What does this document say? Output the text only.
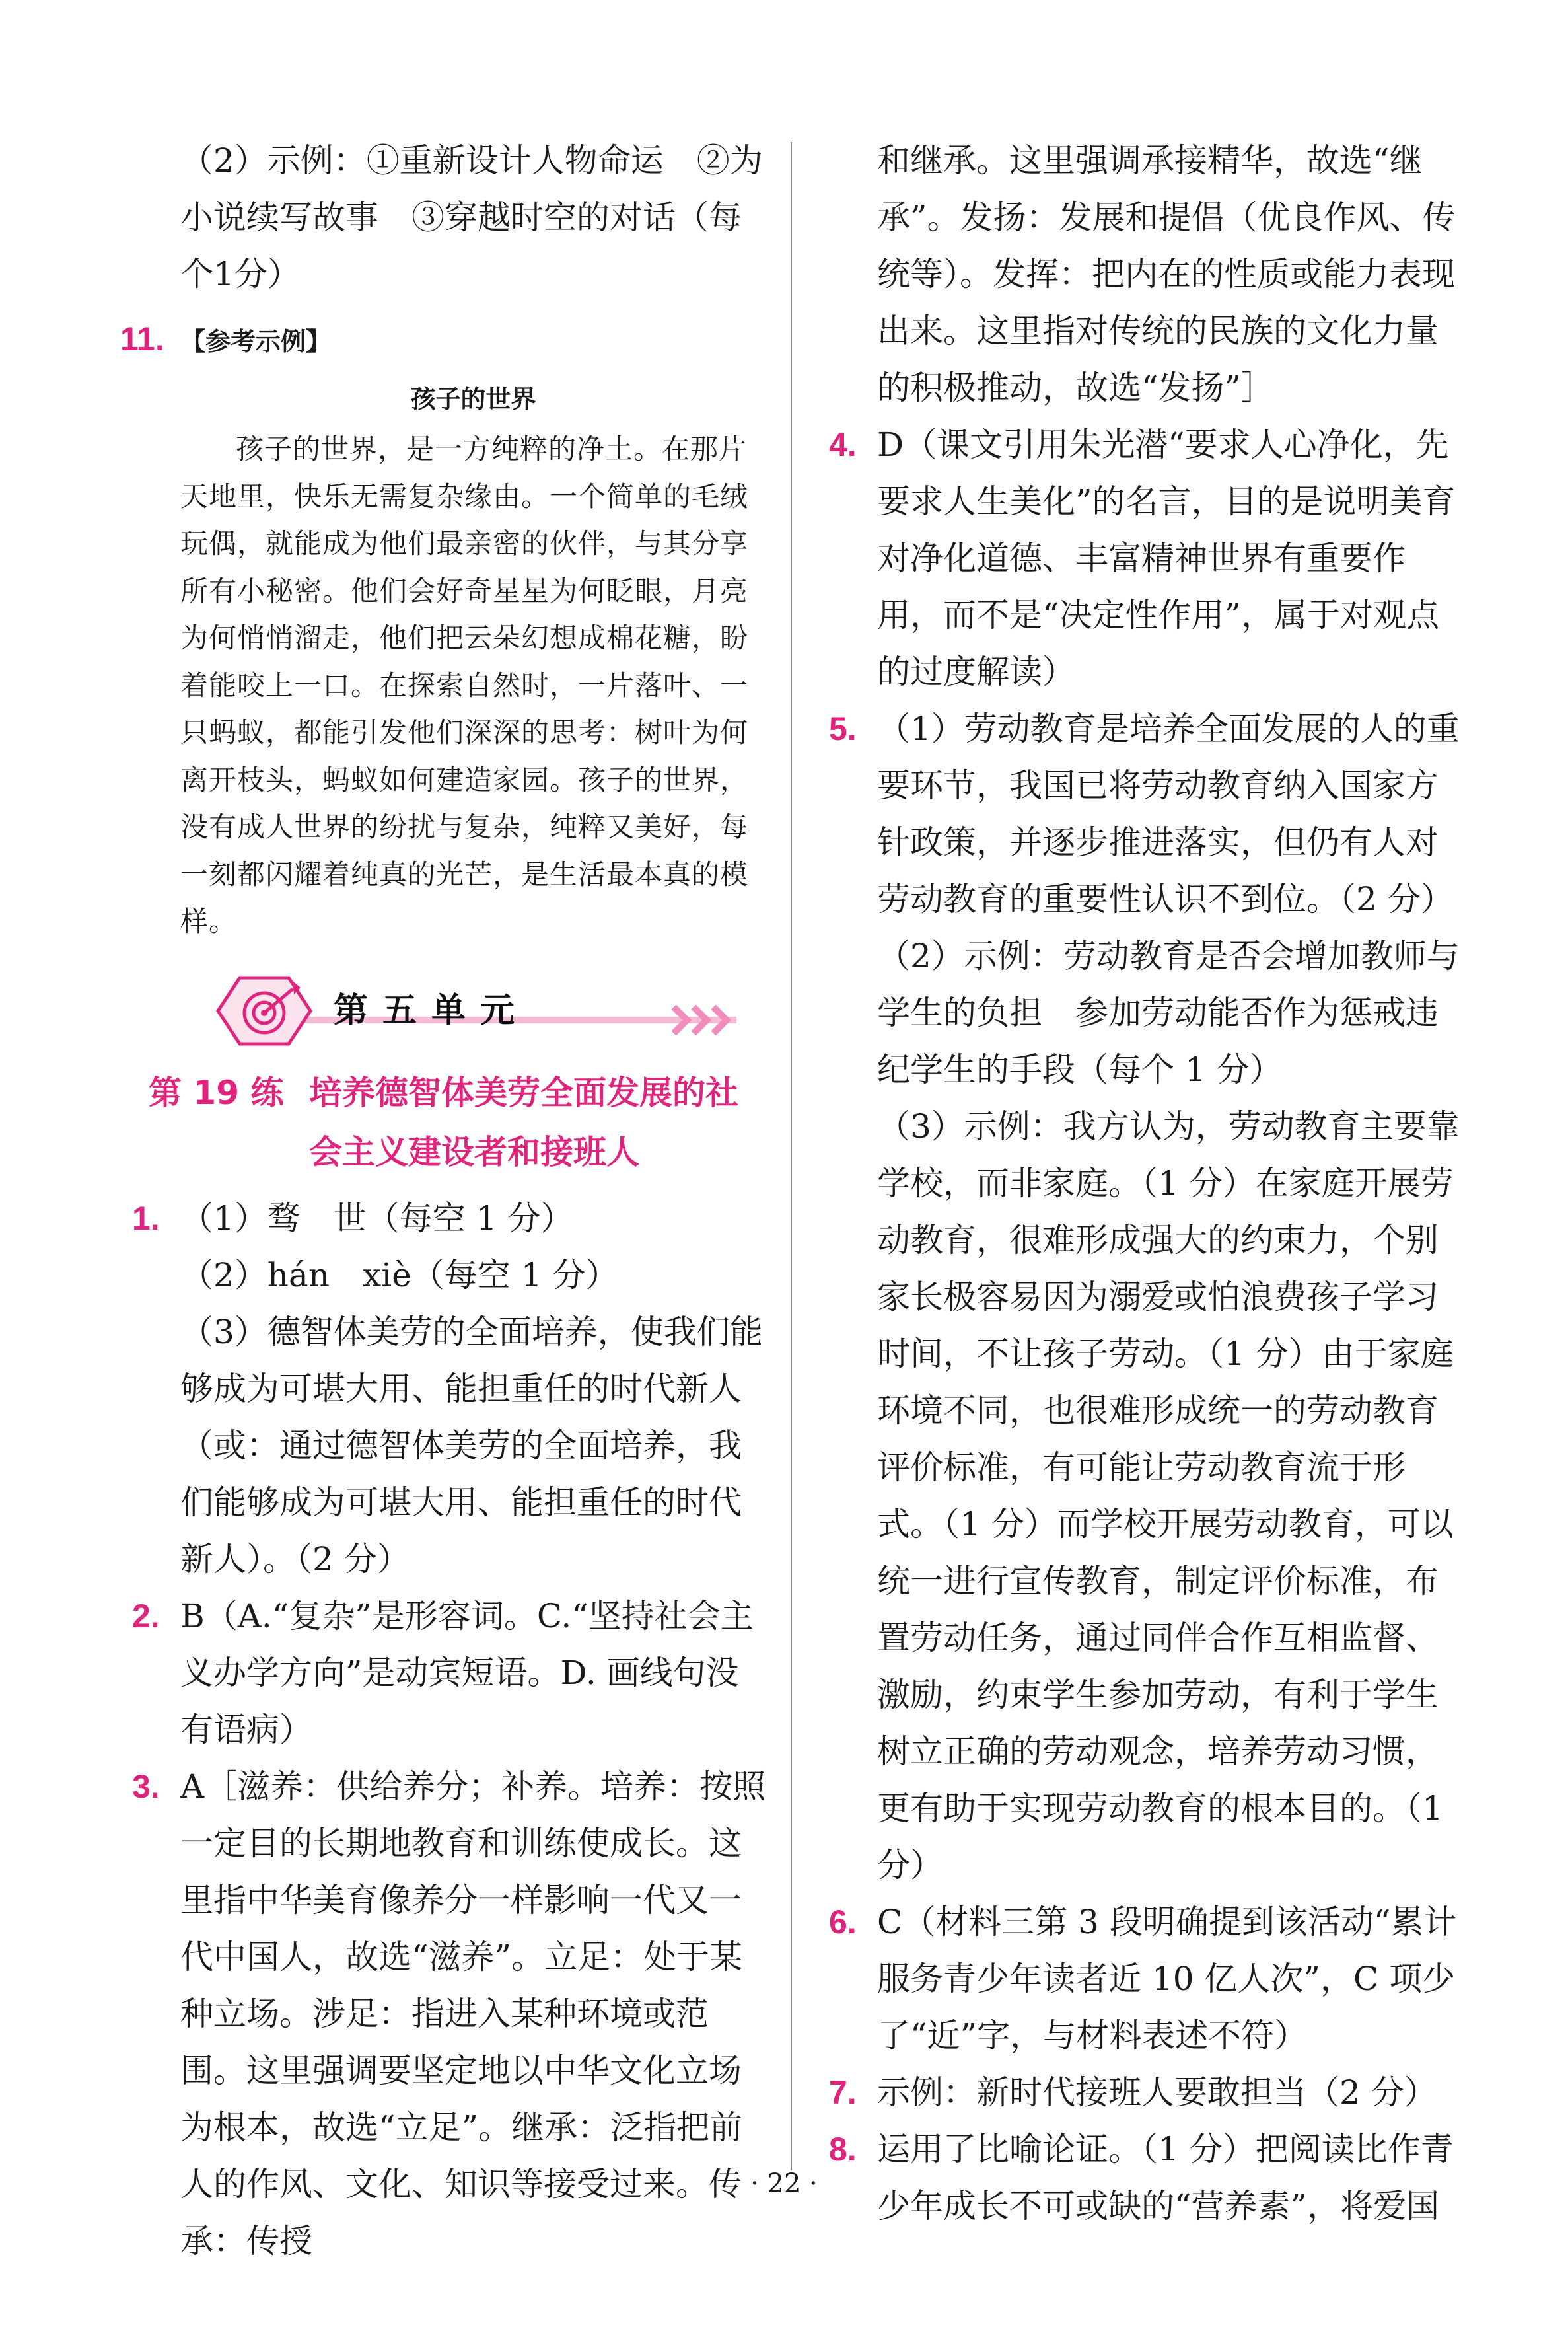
（2）示例：①重新设计人物命运　②为小说续写故事　③穿越时空的对话（每个1分）

11. 【参考示例】

孩子的世界

孩子的世界，是一方纯粹的净土。在那片天地里，快乐无需复杂缘由。一个简单的毛绒玩偶，就能成为他们最亲密的伙伴，与其分享所有小秘密。他们会好奇星星为何眨眼，月亮为何悄悄溜走，他们把云朵幻想成棉花糖，盼着能咬上一口。在探索自然时，一片落叶、一只蚂蚁，都能引发他们深深的思考：树叶为何离开枝头，蚂蚁如何建造家园。孩子的世界，没有成人世界的纷扰与复杂，纯粹又美好，每一刻都闪耀着纯真的光芒，是生活最本真的模样。

第五单元
第 19 练 培养德智体美劳全面发展的社会主义建设者和接班人

1. （1）骛　世（每空 1 分）

（2）hán　xiè（每空 1 分）

（3）德智体美劳的全面培养，使我们能够成为可堪大用、能担重任的时代新人（或：通过德智体美劳的全面培养，我们能够成为可堪大用、能担重任的时代新人）。（2 分）

2. B（A.“复杂”是形容词。C.“坚持社会主义办学方向”是动宾短语。D. 画线句没有语病）

3. A［滋养：供给养分；补养。培养：按照一定目的长期地教育和训练使成长。这里指中华美育像养分一样影响一代又一代中国人，故选“滋养”。立足：处于某种立场。涉足：指进入某种环境或范围。这里强调要坚定地以中华文化立场为根本，故选“立足”。继承：泛指把前人的作风、文化、知识等接受过来。传承：传授

和继承。这里强调承接精华，故选“继承”。发扬：发展和提倡（优良作风、传统等）。发挥：把内在的性质或能力表现出来。这里指对传统的民族的文化力量的积极推动，故选“发扬”］

4. D（课文引用朱光潜“要求人心净化，先要求人生美化”的名言，目的是说明美育对净化道德、丰富精神世界有重要作用，而不是“决定性作用”，属于对观点的过度解读）

5. （1）劳动教育是培养全面发展的人的重要环节，我国已将劳动教育纳入国家方针政策，并逐步推进落实，但仍有人对劳动教育的重要性认识不到位。（2 分）

（2）示例：劳动教育是否会增加教师与学生的负担　参加劳动能否作为惩戒违纪学生的手段（每个 1 分）

（3）示例：我方认为，劳动教育主要靠学校，而非家庭。（1 分）在家庭开展劳动教育，很难形成强大的约束力，个别家长极容易因为溺爱或怕浪费孩子学习时间，不让孩子劳动。（1 分）由于家庭环境不同，也很难形成统一的劳动教育评价标准，有可能让劳动教育流于形式。（1 分）而学校开展劳动教育，可以统一进行宣传教育，制定评价标准，布置劳动任务，通过同伴合作互相监督、激励，约束学生参加劳动，有利于学生树立正确的劳动观念，培养劳动习惯，更有助于实现劳动教育的根本目的。（1 分）

6. C（材料三第 3 段明确提到该活动“累计服务青少年读者近 10 亿人次”，C 项少了“近”字，与材料表述不符）

7. 示例：新时代接班人要敢担当（2 分）

8. 运用了比喻论证。（1 分）把阅读比作青少年成长不可或缺的“营养素”，将爱国

· 22 ·
